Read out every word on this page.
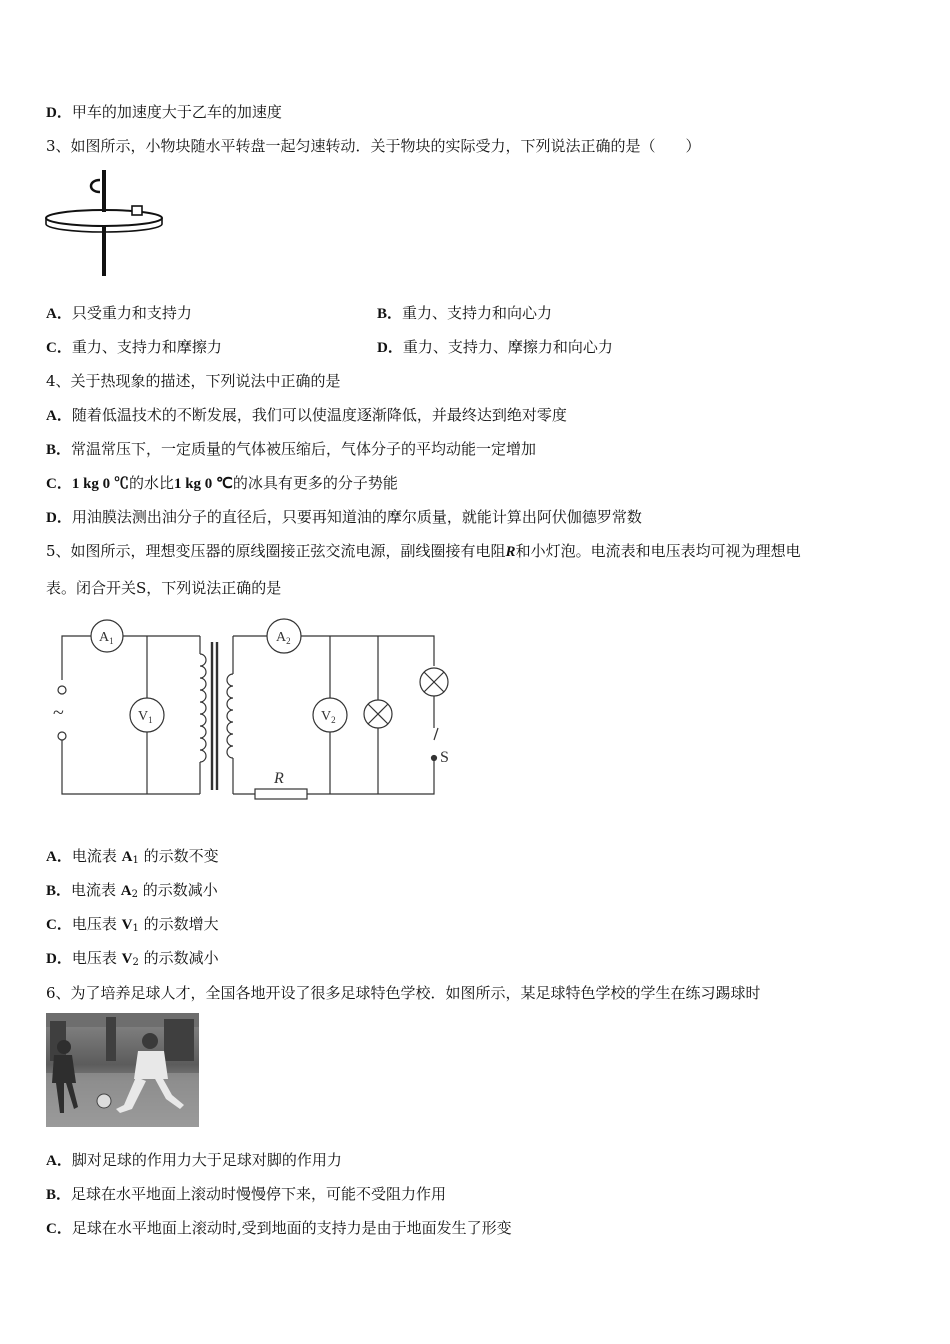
D．甲车的加速度大于乙车的加速度
3、如图所示，小物块随水平转盘一起匀速转动．关于物块的实际受力，下列说法正确的是（　　）
A．只受重力和支持力	B．重力、支持力和向心力
C．重力、支持力和摩擦力	D．重力、支持力、摩擦力和向心力
4、关于热现象的描述，下列说法中正确的是
A．随着低温技术的不断发展，我们可以使温度逐渐降低，并最终达到绝对零度
B．常温常压下，一定质量的气体被压缩后，气体分子的平均动能一定增加
C．1 kg 0 ℃的水比1 kg 0 ℃的冰具有更多的分子势能
D．用油膜法测出油分子的直径后，只要再知道油的摩尔质量，就能计算出阿伏伽德罗常数
5、如图所示，理想变压器的原线圈接正弦交流电源，副线圈接有电阻R和小灯泡。电流表和电压表均可视为理想电
表。闭合开关S，下列说法正确的是
$A_1$
$V_1$
$A_2$
$V_2$
~
R
S
A．电流表 $A_1$ 的示数不变
B．电流表 $A_2$ 的示数减小
C．电压表 $V_1$ 的示数增大
D．电压表 $V_2$ 的示数减小
6、为了培养足球人才，全国各地开设了很多足球特色学校．如图所示，某足球特色学校的学生在练习踢球时
A．脚对足球的作用力大于足球对脚的作用力
B．足球在水平地面上滚动时慢慢停下来，可能不受阻力作用
C．足球在水平地面上滚动时,受到地面的支持力是由于地面发生了形变
